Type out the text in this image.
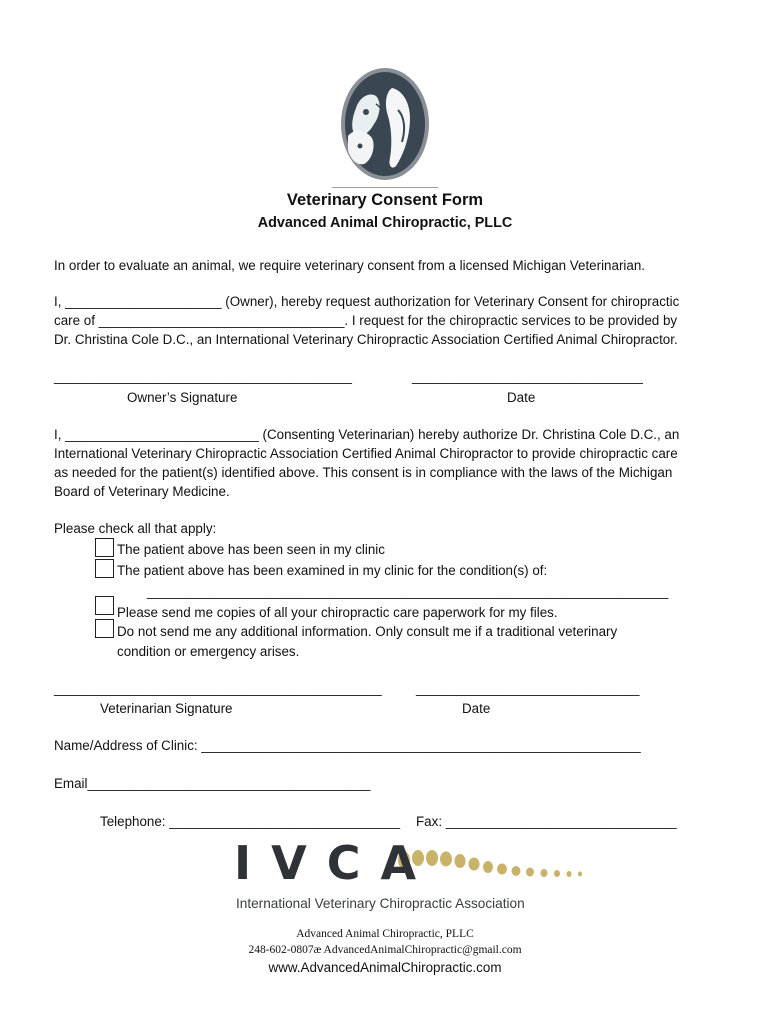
Veterinary Consent Form
Advanced Animal Chiropractic, PLLC
In order to evaluate an animal, we require veterinary consent from a licensed Michigan Veterinarian.
I, _____________________ (Owner), hereby request authorization for Veterinary Consent for chiropractic
care of _________________________________. I request for the chiropractic services to be provided by
Dr. Christina Cole D.C., an International Veterinary Chiropractic Association Certified Animal Chiropractor.
________________________________________
Owner’s Signature
_______________________________
Date
I, __________________________ (Consenting Veterinarian) hereby authorize Dr. Christina Cole D.C., an
International Veterinary Chiropractic Association Certified Animal Chiropractor to provide chiropractic care
as needed for the patient(s) identified above. This consent is in compliance with the laws of the Michigan
Board of Veterinary Medicine.
Please check all that apply:
The patient above has been seen in my clinic
The patient above has been examined in my clinic for the condition(s) of:
______________________________________________________________________
Please send me copies of all your chiropractic care paperwork for my files.
Do not send me any additional information. Only consult me if a traditional veterinary
condition or emergency arises.
____________________________________________
Veterinarian Signature
______________________________
Date
Name/Address of Clinic: ___________________________________________________________
Email______________________________________
Telephone: _______________________________ Fax: _______________________________
I V C A
International Veterinary Chiropractic Association
Advanced Animal Chiropractic, PLLC
248-602-0807æ AdvancedAnimalChiropractic@gmail.com
www.AdvancedAnimalChiropractic.com
